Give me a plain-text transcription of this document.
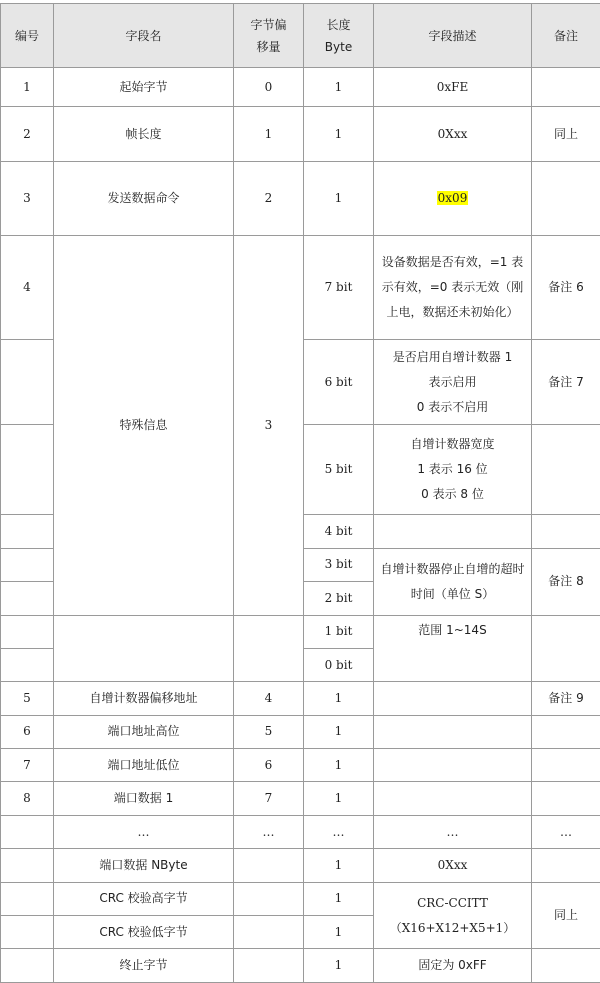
编号	字段名	字节偏移量	长度 Byte	字段描述	备注
1	起始字节	0	1	0xFE	
2	帧长度	1	1	0Xxx	同上
3	发送数据命令	2	1	0x09	
4	特殊信息	3	7 bit	设备数据是否有效，=1 表示有效，=0 表示无效（刚上电，数据还未初始化）	备注 6
			6 bit	是否启用自增计数器 1
表示启用
0 表示不启用	备注 7
			5 bit	自增计数器宽度
1 表示 16 位
0 表示 8 位	

			4 bit		
			3 bit	自增计数器停止自增的超时时间（单位 S）	备注 8
			2 bit		
			1 bit	范围 1~14S	
			0 bit		
5	自增计数器偏移地址	4	1		备注 9
6	端口地址高位	5	1		
7	端口地址低位	6	1		
8	端口数据 1	7	1		
	…	…	…	…	…
	端口数据 NByte		1	0Xxx	
	CRC 校验高字节		1	CRC-CCITT
（X16+X12+X5+1）	同上
	CRC 校验低字节		1		
	终止字节		1	固定为 0xFF	
